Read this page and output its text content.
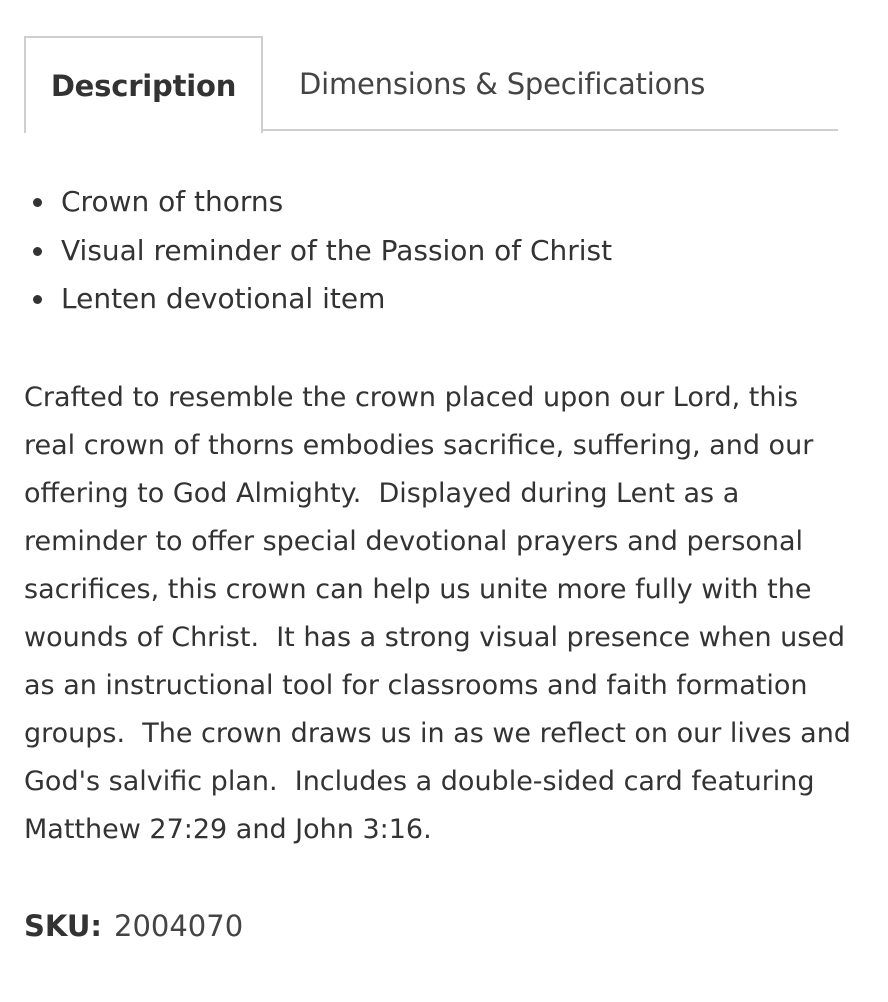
Description	Dimensions & Specifications
Crown of thorns
Visual reminder of the Passion of Christ
Lenten devotional item
Crafted to resemble the crown placed upon our Lord, this
real crown of thorns embodies sacrifice, suffering, and our
offering to God Almighty.  Displayed during Lent as a
reminder to offer special devotional prayers and personal
sacrifices, this crown can help us unite more fully with the
wounds of Christ.  It has a strong visual presence when used
as an instructional tool for classrooms and faith formation
groups.  The crown draws us in as we reflect on our lives and
God's salvific plan.  Includes a double-sided card featuring
Matthew 27:29 and John 3:16.
SKU: 2004070
